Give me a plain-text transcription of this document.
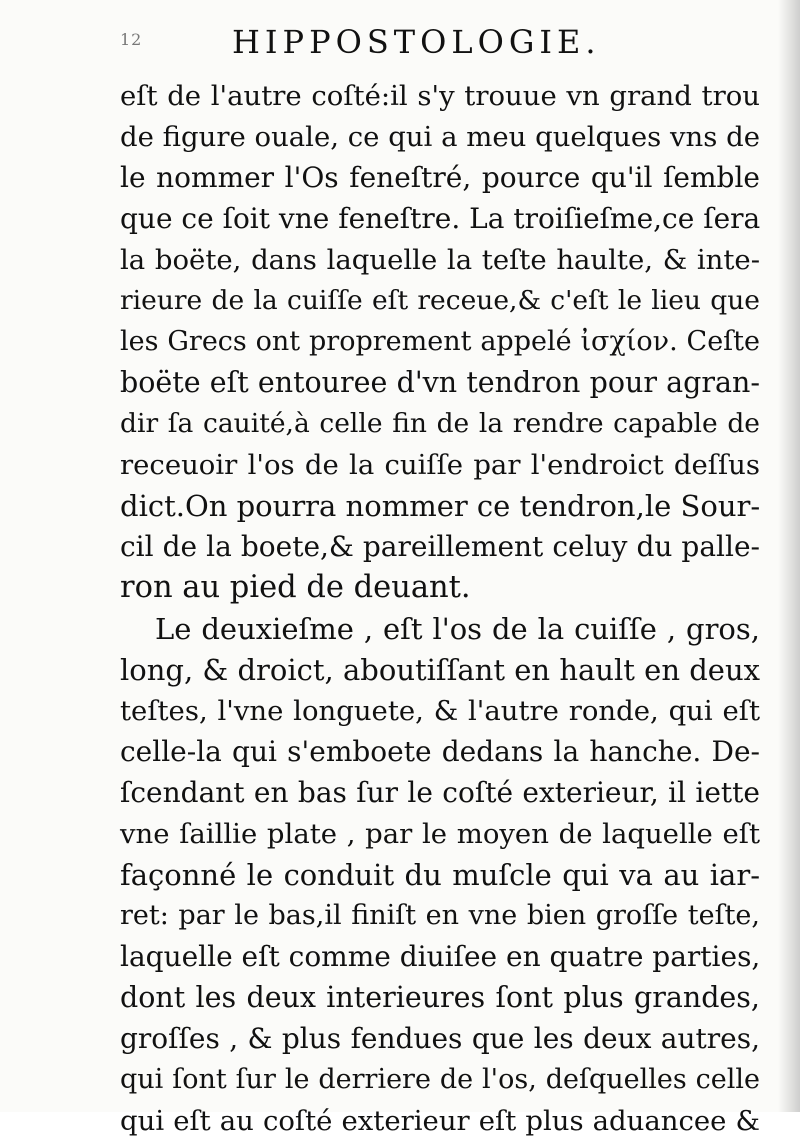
12	HIPPOSTOLOGIE.
eſt de l'autre coſté:il s'y trouue vn grand trou
de figure ouale, ce qui a meu quelques vns de
le nommer l'Os feneſtré, pource qu'il ſemble
que ce ſoit vne feneſtre. La troiſieſme,ce ſera
la boëte, dans laquelle la teſte haulte, & inte-
rieure de la cuiſſe eſt receue,& c'eſt le lieu que
les Grecs ont proprement appelé ἰσχίον. Ceſte
boëte eſt entouree d'vn tendron pour agran-
dir ſa cauité,à celle fin de la rendre capable de
receuoir l'os de la cuiſſe par l'endroict deſſus
dict.On pourra nommer ce tendron,le Sour-
cil de la boete,& pareillement celuy du palle-
ron au pied de deuant.
Le deuxieſme , eſt l'os de la cuiſſe , gros,
long, & droict, aboutiſſant en hault en deux
teſtes, l'vne longuete, & l'autre ronde, qui eſt
celle-la qui s'emboete dedans la hanche. De-
ſcendant en bas ſur le coſté exterieur, il iette
vne ſaillie plate , par le moyen de laquelle eſt
façonné le conduit du muſcle qui va au iar-
ret: par le bas,il finiſt en vne bien groſſe teſte,
laquelle eſt comme diuiſee en quatre parties,
dont les deux interieures ſont plus grandes,
groſſes , & plus fendues que les deux autres,
qui ſont ſur le derriere de l'os, deſquelles celle
qui eſt au coſté exterieur eſt plus aduancee &
